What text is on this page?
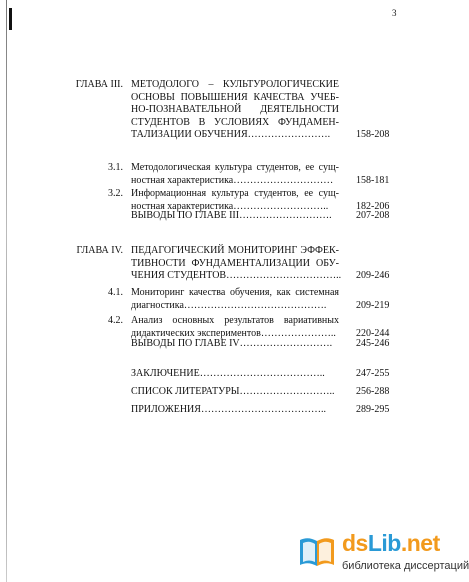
3
ГЛАВА III. МЕТОДОЛОГО – КУЛЬТУРОЛОГИЧЕСКИЕ
ОСНОВЫ ПОВЫШЕНИЯ КАЧЕСТВА УЧЕБ-
НО-ПОЗНАВАТЕЛЬНОЙ ДЕЯТЕЛЬНОСТИ
СТУДЕНТОВ В УСЛОВИЯХ ФУНДАМЕН-
ТАЛИЗАЦИИ ОБУЧЕНИЯ…………………….	158-208
3.1. Методологическая культура студентов, ее сущ-
ностная характеристика…………………………	158-181
3.2. Информационная культура студентов, ее сущ-
ностная характеристика………………………..	182-206
ВЫВОДЫ ПО ГЛАВЕ III……………………….	207-208
ГЛАВА IV. ПЕДАГОГИЧЕСКИЙ МОНИТОРИНГ ЭФФЕК-
ТИВНОСТИ ФУНДАМЕНТАЛИЗАЦИИ ОБУ-
ЧЕНИЯ СТУДЕНТОВ…………………………….. 209-246
4.1. Мониторинг качества обучения, как системная
диагностика…………………………………….	209-219
4.2. Анализ основных результатов вариативных
дидактических экспериментов…………………..	220-244
ВЫВОДЫ ПО ГЛАВЕ IV……………………….	245-246
ЗАКЛЮЧЕНИЕ………………………………..	247-255
СПИСОК ЛИТЕРАТУРЫ………………………..	256-288
ПРИЛОЖЕНИЯ………………………………..	289-295
dsLib.net
библиотека диссертаций
